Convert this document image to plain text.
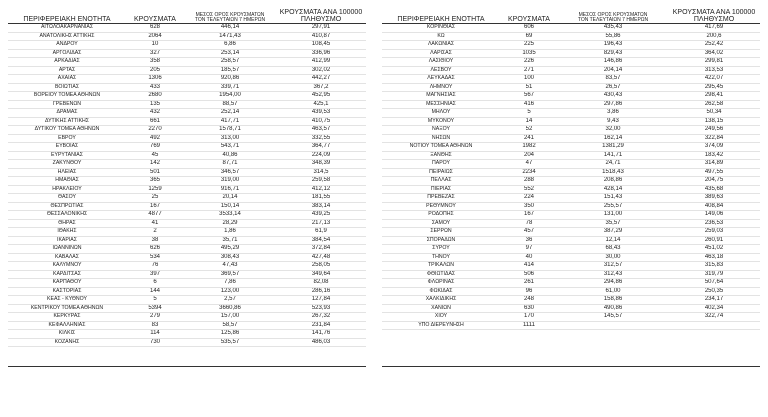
ΠΕΡΙΦΕΡΕΙΑΚΗ ΕΝΟΤΗΤΑ	ΚΡΟΥΣΜΑΤΑ	ΜΕΣΟΣ ΟΡΟΣ ΚΡΟΥΣΜΑΤΩΝ
ΤΟΝ ΤΕΛΕΥΤΑΙΩΝ 7 ΗΜΕΡΩΝ	ΚΡΟΥΣΜΑΤΑ ΑΝΑ 100000
ΠΛΗΘΥΣΜΟ
ΑΙΤΩΛΟΑΚΑΡΝΑΝΙΑΣ	628	446,14	297,91
ΑΝΑΤΟΛΙΚΗΣ ΑΤΤΙΚΗΣ	2064	1471,43	410,87
ΑΝΔΡΟΥ	10	6,86	108,45
ΑΡΓΟΛΙΔΑΣ	327	253,14	336,96
ΑΡΚΑΔΙΑΣ	358	258,57	412,99
ΑΡΤΑΣ	205	185,57	302,02
ΑΧΑΪΑΣ	1306	920,86	442,27
ΒΟΙΩΤΙΑΣ	433	339,71	367,2
ΒΟΡΕΙΟΥ ΤΟΜΕΑ ΑΘΗΝΩΝ	2680	1954,00	452,95
ΓΡΕΒΕΝΩΝ	135	88,57	425,1
ΔΡΑΜΑΣ	432	252,14	439,53
ΔΥΤΙΚΗΣ ΑΤΤΙΚΗΣ	661	417,71	410,75
ΔΥΤΙΚΟΥ ΤΟΜΕΑ ΑΘΗΝΩΝ	2270	1578,71	463,57
ΕΒΡΟΥ	492	313,00	332,55
ΕΥΒΟΙΑΣ	769	543,71	364,77
ΕΥΡΥΤΑΝΙΑΣ	45	40,86	224,09
ΖΑΚΥΝΘΟΥ	142	87,71	348,39
ΗΛΕΙΑΣ	501	346,57	314,5
ΗΜΑΘΙΑΣ	365	319,00	259,58
ΗΡΑΚΛΕΙΟΥ	1259	916,71	412,12
ΘΑΣΟΥ	25	20,14	181,55
ΘΕΣΠΡΩΤΙΑΣ	167	150,14	383,14
ΘΕΣΣΑΛΟΝΙΚΗΣ	4877	3533,14	439,25
ΘΗΡΑΣ	41	28,29	217,13
ΙΘΑΚΗΣ	2	1,86	61,9
ΙΚΑΡΙΑΣ	38	35,71	384,54
ΙΩΑΝΝΙΝΩΝ	626	495,29	372,84
ΚΑΒΑΛΑΣ	534	308,43	427,48
ΚΑΛΥΜΝΟΥ	76	47,43	258,05
ΚΑΡΔΙΤΣΑΣ	397	369,57	349,64
ΚΑΡΠΑΘΟΥ	6	7,86	82,08
ΚΑΣΤΟΡΙΑΣ	144	123,00	286,16
ΚΕΑΣ - ΚΥΘΝΟΥ	5	2,57	127,84
ΚΕΝΤΡΙΚΟΥ ΤΟΜΕΑ ΑΘΗΝΩΝ	5394	3660,86	523,93
ΚΕΡΚΥΡΑΣ	279	157,00	267,32
ΚΕΦΑΛΛΗΝΙΑΣ	83	58,57	231,84
ΚΙΛΚΙΣ	114	125,86	141,76
ΚΟΖΑΝΗΣ	730	535,57	486,03
ΠΕΡΙΦΕΡΕΙΑΚΗ ΕΝΟΤΗΤΑ	ΚΡΟΥΣΜΑΤΑ	ΜΕΣΟΣ ΟΡΟΣ ΚΡΟΥΣΜΑΤΩΝ
ΤΟΝ ΤΕΛΕΥΤΑΙΩΝ 7 ΗΜΕΡΩΝ	ΚΡΟΥΣΜΑΤΑ ΑΝΑ 100000
ΠΛΗΘΥΣΜΟ
ΚΟΡΙΝΘΙΑΣ	606	435,43	417,69
ΚΩ	69	55,86	200,6
ΛΑΚΩΝΙΑΣ	225	196,43	252,42
ΛΑΡΙΣΑΣ	1035	829,43	364,02
ΛΑΣΙΘΙΟΥ	226	146,86	299,81
ΛΕΣΒΟΥ	271	204,14	313,53
ΛΕΥΚΑΔΑΣ	100	83,57	422,07
ΛΗΜΝΟΥ	51	26,57	295,45
ΜΑΓΝΗΣΙΑΣ	567	430,43	298,41
ΜΕΣΣΗΝΙΑΣ	416	297,86	262,58
ΜΗΛΟΥ	5	3,86	50,34
ΜΥΚΟΝΟΥ	14	9,43	138,15
ΝΑΞΟΥ	52	32,00	249,56
ΝΗΣΩΝ	241	162,14	322,84
ΝΟΤΙΟΥ ΤΟΜΕΑ ΑΘΗΝΩΝ	1982	1381,29	374,09
ΞΑΝΘΗΣ	204	141,71	183,42
ΠΑΡΟΥ	47	24,71	314,89
ΠΕΙΡΑΙΩΣ	2234	1518,43	497,55
ΠΕΛΛΑΣ	288	208,86	204,75
ΠΙΕΡΙΑΣ	552	428,14	435,68
ΠΡΕΒΕΖΑΣ	224	151,43	389,63
ΡΕΘΥΜΝΟΥ	350	255,57	408,84
ΡΟΔΟΠΗΣ	167	131,00	149,06
ΣΑΜΟΥ	78	35,57	236,53
ΣΕΡΡΩΝ	457	387,29	259,03
ΣΠΟΡΑΔΩΝ	36	12,14	260,91
ΣΥΡΟΥ	97	68,43	451,02
ΤΗΝΟΥ	40	30,00	463,18
ΤΡΙΚΑΛΩΝ	414	312,57	315,83
ΦΘΙΩΤΙΔΑΣ	506	312,43	319,79
ΦΛΩΡΙΝΑΣ	261	294,86	507,64
ΦΩΚΙΔΑΣ	96	61,00	250,35
ΧΑΛΚΙΔΙΚΗΣ	248	158,86	234,17
ΧΑΝΙΩΝ	630	490,86	402,34
ΧΙΟΥ	170	145,57	322,74
ΥΠΟ ΔΙΕΡΕΥΝΗΣΗ	1111		
